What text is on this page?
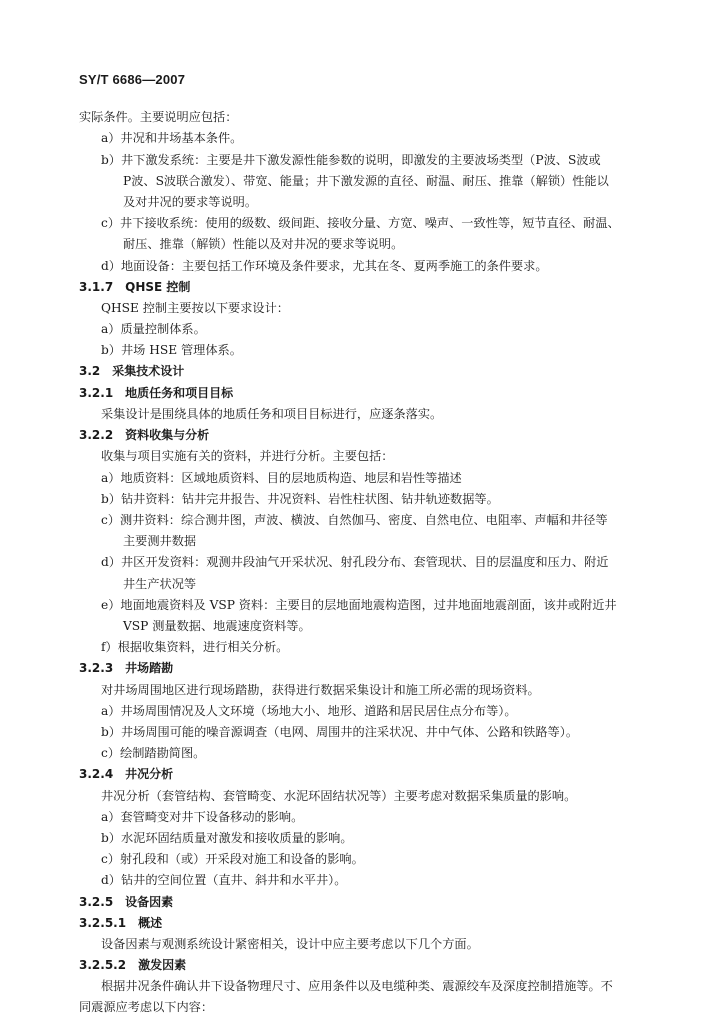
SY/T 6686—2007
实际条件。主要说明应包括：
a）井况和井场基本条件。
b）井下激发系统：主要是井下激发源性能参数的说明，即激发的主要波场类型（P波、S波或
P波、S波联合激发）、带宽、能量；井下激发源的直径、耐温、耐压、推靠（解锁）性能以
及对井况的要求等说明。
c）井下接收系统：使用的级数、级间距、接收分量、方宽、噪声、一致性等，短节直径、耐温、
耐压、推靠（解锁）性能以及对井况的要求等说明。
d）地面设备：主要包括工作环境及条件要求，尤其在冬、夏两季施工的条件要求。
3.1.7　QHSE 控制
QHSE 控制主要按以下要求设计：
a）质量控制体系。
b）井场 HSE 管理体系。
3.2　采集技术设计
3.2.1　地质任务和项目目标
采集设计是围绕具体的地质任务和项目目标进行，应逐条落实。
3.2.2　资料收集与分析
收集与项目实施有关的资料，并进行分析。主要包括：
a）地质资料：区域地质资料、目的层地质构造、地层和岩性等描述
b）钻井资料：钻井完井报告、井况资料、岩性柱状图、钻井轨迹数据等。
c）测井资料：综合测井图，声波、横波、自然伽马、密度、自然电位、电阻率、声幅和井径等
主要测井数据
d）井区开发资料：观测井段油气开采状况、射孔段分布、套管现状、目的层温度和压力、附近
井生产状况等
e）地面地震资料及 VSP 资料：主要目的层地面地震构造图，过井地面地震剖面，该井或附近井
VSP 测量数据、地震速度资料等。
f）根据收集资料，进行相关分析。
3.2.3　井场踏勘
对井场周围地区进行现场踏勘，获得进行数据采集设计和施工所必需的现场资料。
a）井场周围情况及人文环境（场地大小、地形、道路和居民居住点分布等）。
b）井场周围可能的噪音源调查（电网、周围井的注采状况、井中气体、公路和铁路等）。
c）绘制踏勘简图。
3.2.4　井况分析
井况分析（套管结构、套管畸变、水泥环固结状况等）主要考虑对数据采集质量的影响。
a）套管畸变对井下设备移动的影响。
b）水泥环固结质量对激发和接收质量的影响。
c）射孔段和（或）开采段对施工和设备的影响。
d）钻井的空间位置（直井、斜井和水平井）。
3.2.5　设备因素
3.2.5.1　概述
设备因素与观测系统设计紧密相关，设计中应主要考虑以下几个方面。
3.2.5.2　激发因素
根据井况条件确认井下设备物理尺寸、应用条件以及电缆种类、震源绞车及深度控制措施等。不
同震源应考虑以下内容：
